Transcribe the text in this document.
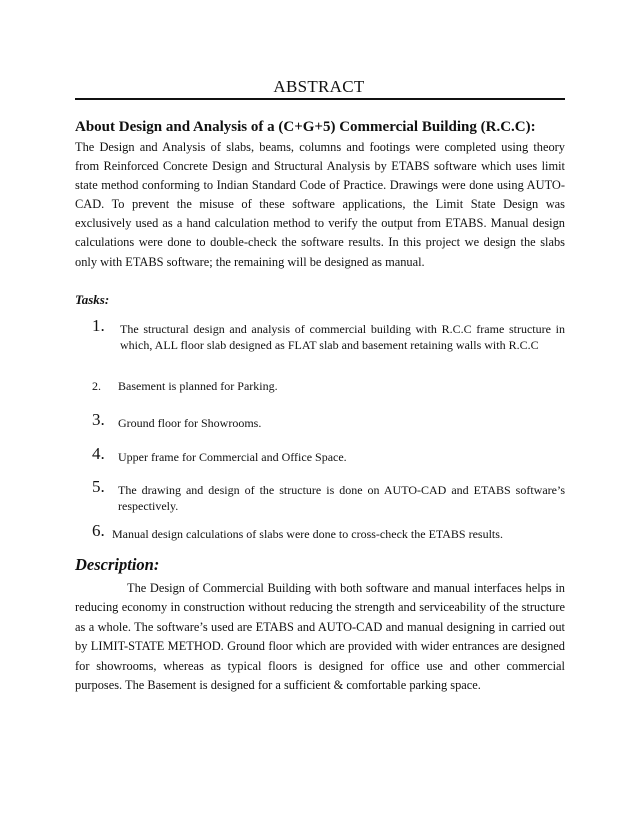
ABSTRACT
About Design and Analysis of a (C+G+5) Commercial Building (R.C.C):

The Design and Analysis of slabs, beams, columns and footings were completed using theory from Reinforced Concrete Design and Structural Analysis by ETABS software which uses limit state method conforming to Indian Standard Code of Practice. Drawings were done using AUTO-CAD. To prevent the misuse of these software applications, the Limit State Design was exclusively used as a hand calculation method to verify the output from ETABS. Manual design calculations were done to double-check the software results. In this project we design the slabs only with ETABS software; the remaining will be designed as manual.

Tasks:
1. The structural design and analysis of commercial building with R.C.C frame structure in which, ALL floor slab designed as FLAT slab and basement retaining walls with R.C.C
2. Basement is planned for Parking.
3. Ground floor for Showrooms.
4. Upper frame for Commercial and Office Space.
5. The drawing and design of the structure is done on AUTO-CAD and ETABS software’s respectively.
6. Manual design calculations of slabs were done to cross-check the ETABS results.
Description:

The Design of Commercial Building with both software and manual interfaces helps in reducing economy in construction without reducing the strength and serviceability of the structure as a whole. The software’s used are ETABS and AUTO-CAD and manual designing in carried out by LIMIT-STATE METHOD. Ground floor which are provided with wider entrances are designed for showrooms, whereas as typical floors is designed for office use and other commercial purposes. The Basement is designed for a sufficient & comfortable parking space.
